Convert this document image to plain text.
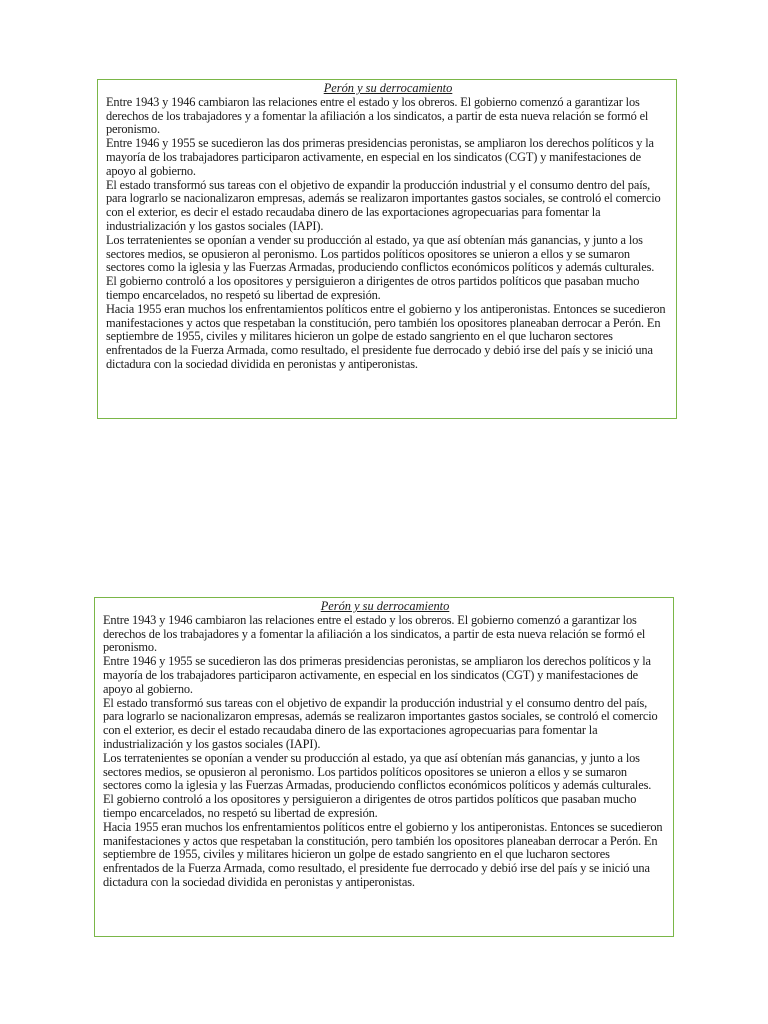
Perón y su derrocamiento

Entre 1943 y 1946 cambiaron las relaciones entre el estado y los obreros. El gobierno comenzó a garantizar los derechos de los trabajadores y a fomentar la afiliación a los sindicatos, a partir de esta nueva relación se formó el peronismo.

Entre 1946 y 1955 se sucedieron las dos primeras presidencias peronistas, se ampliaron los derechos políticos y la mayoría de los trabajadores participaron activamente, en especial en los sindicatos (CGT) y manifestaciones de apoyo al gobierno.

El estado transformó sus tareas con el objetivo de expandir la producción industrial y el consumo dentro del país, para lograrlo se nacionalizaron empresas, además se realizaron importantes gastos sociales, se controló el comercio con el exterior, es decir el estado recaudaba dinero de las exportaciones agropecuarias para fomentar la industrialización y los gastos sociales (IAPI).

Los terratenientes se oponían a vender su producción al estado, ya que así obtenían más ganancias, y junto a los sectores medios, se opusieron al peronismo. Los partidos políticos opositores se unieron a ellos y se sumaron sectores como la iglesia y las Fuerzas Armadas, produciendo conflictos económicos políticos y además culturales.

El gobierno controló a los opositores y persiguieron a dirigentes de otros partidos políticos que pasaban mucho tiempo encarcelados, no respetó su libertad de expresión.

Hacia 1955 eran muchos los enfrentamientos políticos entre el gobierno y los antiperonistas. Entonces se sucedieron manifestaciones y actos que respetaban la constitución, pero también los opositores planeaban derrocar a Perón. En septiembre de 1955, civiles y militares hicieron un golpe de estado sangriento en el que lucharon sectores enfrentados de la Fuerza Armada, como resultado, el presidente fue derrocado y debió irse del país y se inició una dictadura con la sociedad dividida en peronistas y antiperonistas.

Perón y su derrocamiento

Entre 1943 y 1946 cambiaron las relaciones entre el estado y los obreros. El gobierno comenzó a garantizar los derechos de los trabajadores y a fomentar la afiliación a los sindicatos, a partir de esta nueva relación se formó el peronismo.

Entre 1946 y 1955 se sucedieron las dos primeras presidencias peronistas, se ampliaron los derechos políticos y la mayoría de los trabajadores participaron activamente, en especial en los sindicatos (CGT) y manifestaciones de apoyo al gobierno.

El estado transformó sus tareas con el objetivo de expandir la producción industrial y el consumo dentro del país, para lograrlo se nacionalizaron empresas, además se realizaron importantes gastos sociales, se controló el comercio con el exterior, es decir el estado recaudaba dinero de las exportaciones agropecuarias para fomentar la industrialización y los gastos sociales (IAPI).

Los terratenientes se oponían a vender su producción al estado, ya que así obtenían más ganancias, y junto a los sectores medios, se opusieron al peronismo. Los partidos políticos opositores se unieron a ellos y se sumaron sectores como la iglesia y las Fuerzas Armadas, produciendo conflictos económicos políticos y además culturales.

El gobierno controló a los opositores y persiguieron a dirigentes de otros partidos políticos que pasaban mucho tiempo encarcelados, no respetó su libertad de expresión.

Hacia 1955 eran muchos los enfrentamientos políticos entre el gobierno y los antiperonistas. Entonces se sucedieron manifestaciones y actos que respetaban la constitución, pero también los opositores planeaban derrocar a Perón. En septiembre de 1955, civiles y militares hicieron un golpe de estado sangriento en el que lucharon sectores enfrentados de la Fuerza Armada, como resultado, el presidente fue derrocado y debió irse del país y se inició una dictadura con la sociedad dividida en peronistas y antiperonistas.
